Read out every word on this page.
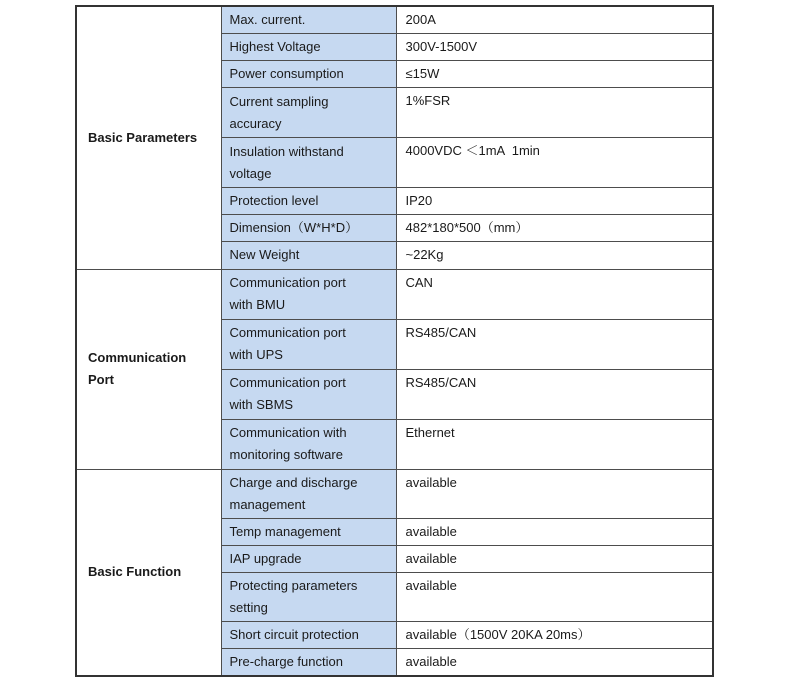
Basic Parameters	Max. current.	200A
	Highest Voltage	300V-1500V
	Power consumption	≤15W
	Current sampling accuracy	1%FSR
	Insulation withstand voltage	4000VDC ＜1mA  1min
	Protection level	IP20
	Dimension（W*H*D）	482*180*500（mm）
	New Weight	~22Kg
Communication Port	Communication port with BMU	CAN
	Communication port with UPS	RS485/CAN
	Communication port with SBMS	RS485/CAN
	Communication with monitoring software	Ethernet
Basic Function	Charge and discharge management	available
	Temp management	available
	IAP upgrade	available
	Protecting parameters setting	available
	Short circuit protection	available（1500V 20KA 20ms）
	Pre-charge function	available
